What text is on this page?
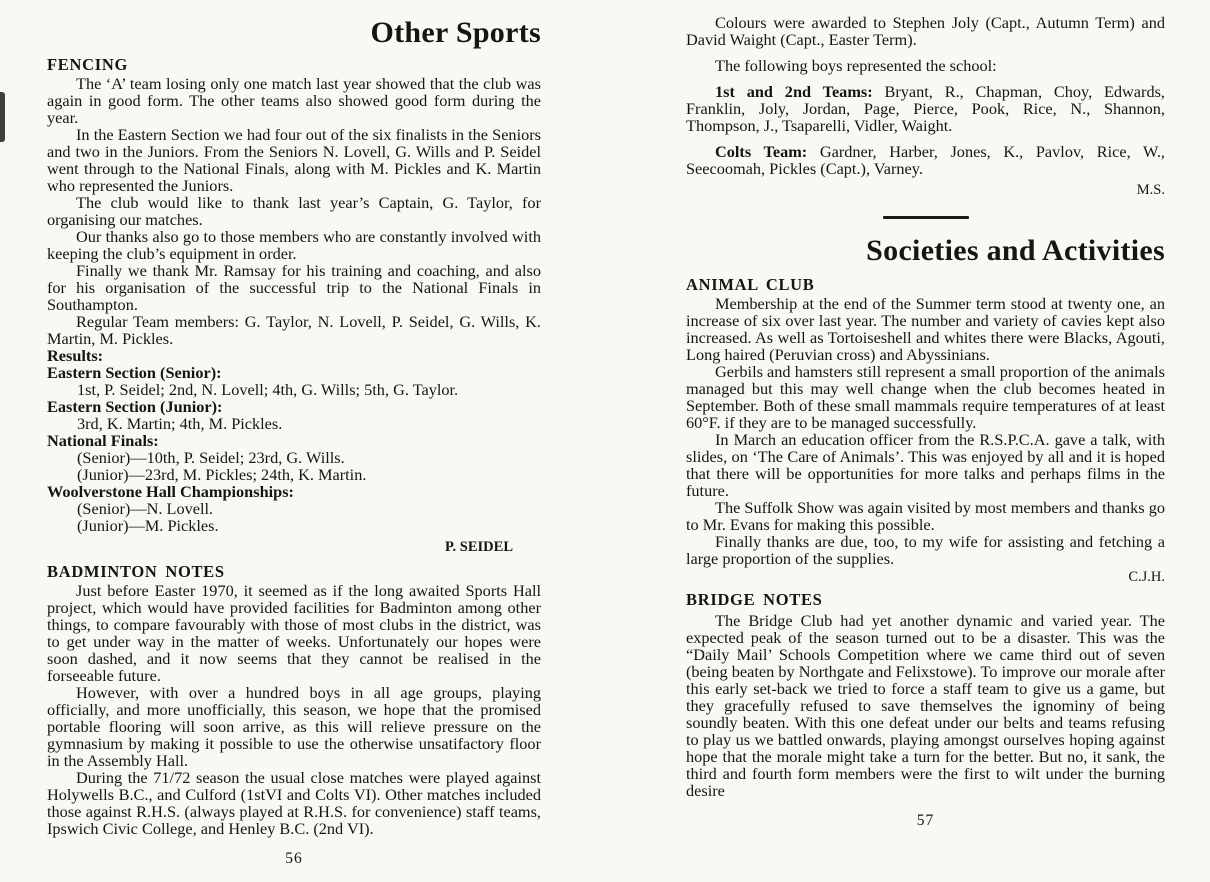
Other Sports
FENCING

The ‘A’ team losing only one match last year showed that the club was again in good form. The other teams also showed good form during the year.

In the Eastern Section we had four out of the six finalists in the Seniors and two in the Juniors. From the Seniors N. Lovell, G. Wills and P. Seidel went through to the National Finals, along with M. Pickles and K. Martin who represented the Juniors.

The club would like to thank last year’s Captain, G. Taylor, for organising our matches.

Our thanks also go to those members who are constantly involved with keeping the club’s equipment in order.

Finally we thank Mr. Ramsay for his training and coaching, and also for his organisation of the successful trip to the National Finals in Southampton.

Regular Team members: G. Taylor, N. Lovell, P. Seidel, G. Wills, K. Martin, M. Pickles.

Results:

Eastern Section (Senior):

1st, P. Seidel; 2nd, N. Lovell; 4th, G. Wills; 5th, G. Taylor.

Eastern Section (Junior):

3rd, K. Martin; 4th, M. Pickles.

National Finals:

(Senior)—10th, P. Seidel; 23rd, G. Wills.

(Junior)—23rd, M. Pickles; 24th, K. Martin.

Woolverstone Hall Championships:

(Senior)—N. Lovell.

(Junior)—M. Pickles.

P. SEIDEL

BADMINTON NOTES

Just before Easter 1970, it seemed as if the long awaited Sports Hall project, which would have provided facilities for Badminton among other things, to compare favourably with those of most clubs in the district, was to get under way in the matter of weeks. Unfortunately our hopes were soon dashed, and it now seems that they cannot be realised in the forseeable future.

However, with over a hundred boys in all age groups, playing officially, and more unofficially, this season, we hope that the promised portable flooring will soon arrive, as this will relieve pressure on the gymnasium by making it possible to use the otherwise unsatifactory floor in the Assembly Hall.

During the 71/72 season the usual close matches were played against Holywells B.C., and Culford (1stVI and Colts VI). Other matches included those against R.H.S. (always played at R.H.S. for convenience) staff teams, Ipswich Civic College, and Henley B.C. (2nd VI).

56

Colours were awarded to Stephen Joly (Capt., Autumn Term) and David Waight (Capt., Easter Term).

The following boys represented the school:

1st and 2nd Teams: Bryant, R., Chapman, Choy, Edwards, Franklin, Joly, Jordan, Page, Pierce, Pook, Rice, N., Shannon, Thompson, J., Tsaparelli, Vidler, Waight.

Colts Team: Gardner, Harber, Jones, K., Pavlov, Rice, W., Seecoomah, Pickles (Capt.), Varney.

M.S.

Societies and Activities
ANIMAL CLUB

Membership at the end of the Summer term stood at twenty one, an increase of six over last year. The number and variety of cavies kept also increased. As well as Tortoiseshell and whites there were Blacks, Agouti, Long haired (Peruvian cross) and Abyssinians.

Gerbils and hamsters still represent a small proportion of the animals managed but this may well change when the club becomes heated in September. Both of these small mammals require temperatures of at least 60°F. if they are to be managed successfully.

In March an education officer from the R.S.P.C.A. gave a talk, with slides, on ‘The Care of Animals’. This was enjoyed by all and it is hoped that there will be opportunities for more talks and perhaps films in the future.

The Suffolk Show was again visited by most members and thanks go to Mr. Evans for making this possible.

Finally thanks are due, too, to my wife for assisting and fetching a large proportion of the supplies.

C.J.H.

BRIDGE NOTES

The Bridge Club had yet another dynamic and varied year. The expected peak of the season turned out to be a disaster. This was the “Daily Mail’ Schools Competition where we came third out of seven (being beaten by Northgate and Felixstowe). To improve our morale after this early set-back we tried to force a staff team to give us a game, but they gracefully refused to save themselves the ignominy of being soundly beaten. With this one defeat under our belts and teams refusing to play us we battled onwards, playing amongst ourselves hoping against hope that the morale might take a turn for the better. But no, it sank, the third and fourth form members were the first to wilt under the burning desire

57
